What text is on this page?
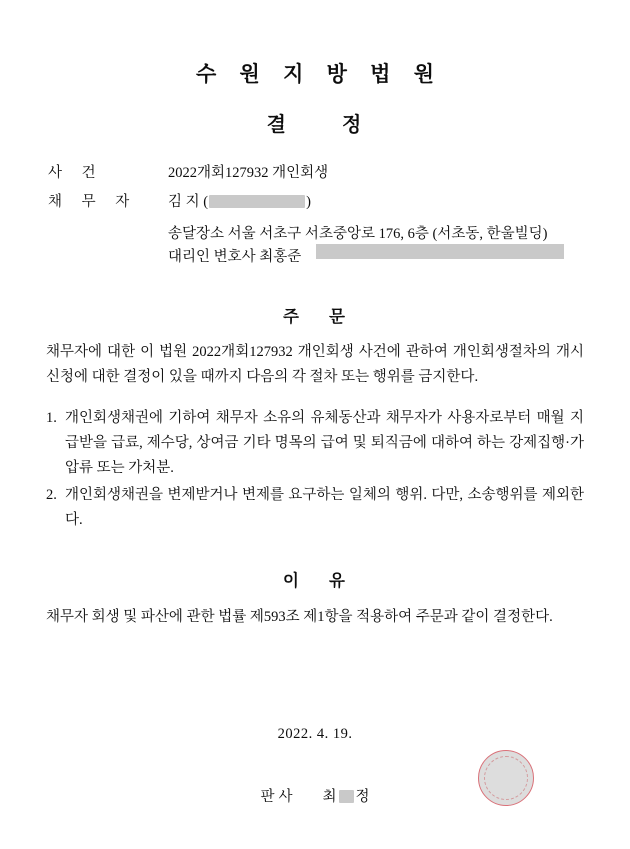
수 원 지 방 법 원
결	정
사 건	2022개회127932 개인회생
채 무 자	김 지 (	)
송달장소 서울 서초구 서초중앙로 176, 6층 (서초동, 한울빌딩)
대리인 변호사 최홍준
주 문
채무자에 대한 이 법원 2022개회127932 개인회생 사건에 관하여 개인회생절차의 개시 신청에 대한 결정이 있을 때까지 다음의 각 절차 또는 행위를 금지한다.
1. 개인회생채권에 기하여 채무자 소유의 유체동산과 채무자가 사용자로부터 매월 지급받을 급료, 제수당, 상여금 기타 명목의 급여 및 퇴직금에 대하여 하는 강제집행·가압류 또는 가처분.
2. 개인회생채권을 변제받거나 변제를 요구하는 일체의 행위. 다만, 소송행위를 제외한다.
이 유
채무자 회생 및 파산에 관한 법률 제593조 제1항을 적용하여 주문과 같이 결정한다.
2022. 4. 19.
판사 최 정
